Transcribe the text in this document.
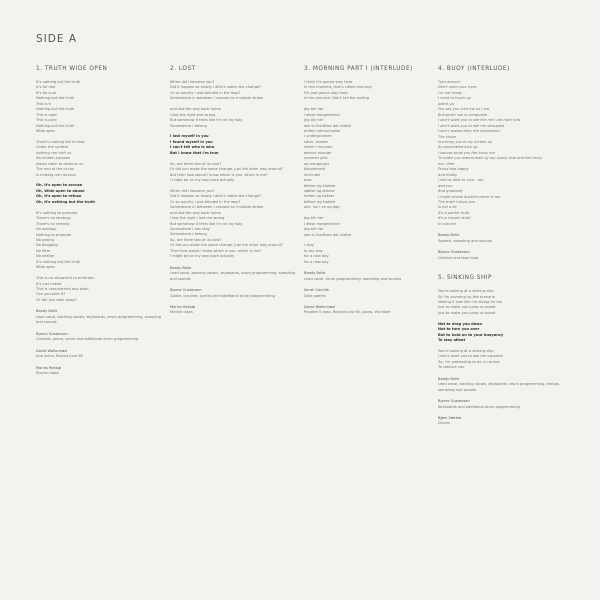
SIDE A
1. TRUTH WIDE OPEN
It's nothing but the truth
It's for real
It's for sure
Nothing but the truth
This is it
Nothing but the truth
This is open
This is pure
Nothing but the truth
Wide open
There's nothing left to hide
Under the surface
nothing can hurt us
No hidden purpose
would claim to deserve us
The end of the circus
is making me nervous
Oh, it's open to accuse
Oh, Wide open to abuse
Oh, it's open to refuse
Oh, it's nothing but the truth
It's nothing to promote
There's no strategy
There's no remedy
No apology
Nothing to promote
No posing
No blogging
No filter
No shelter
It's nothing but the truth
Wide open
This is no shipwreck to entertain
It's just naked
This is unscratched and plain
Can you take it?
Or will you walk away?
Beady Belle
Lead vocal, backing vocals, keyboards, drum programming, sampling and sounds
Bjarne Gustavsen
Clavinet, piano, synth and additional drum programming
David Wallumrød
Ana Solus, Roland Juno 60
Marius Reksjø
Electric bass
2. LOST
When did I become you?
Did it happen so slowly I didn't notice the change?
Or so quickly I was blinded in the leap?
Somewhere in between I crossed an invisible streak
and lost the way back home
I lost the right and wrong
But somehow it feels like I'm on my way
Somewhere I belong
I lost myself in you
I found myself in you
I can't tell who is who
But I know that I'm true
So, are there two of us now?
Or did you make the same change, just the other way around?
But then how would I know which is you, which is me?
I might be on my way back actually
When did I become you?
Did it happen so slowly I didn't notice the change?
Or so quickly I was blinded in the leap?
Somewhere in between I crossed an invisible streak
and lost the way back home
I lost the right I lost the wrong
But somehow it feels like I'm on my way
Somewhere I can stay
Somewhere I belong
So, are there two of us now?
Or did you make the same change, just the other way around?
Then how would I know which is you, which is me?
I might be on my way back actually
Beady Belle
Lead vocal, backing vocals, keyboards, drum programming, sampling and sounds
Bjarne Gustavsen
Guitar, clavinet, synths and additional drum programming
Marius Reksjø
Electric bass
3. MORNING PART I (INTERLUDE)
I think I'm gonna stay here
in this moment, that's called morning
I'm just gonna stay here
in the promise. Don't tell the ending
Jeg blir her
i disse morgentimer
jeg blir her
ake is livsrådes det slutter
duften nemne boller
i undergrunnen
sitter, skrider
nemn i munnen
demne stunder
nommer grid
og morgengry
tilbulemmel
inner øst
over
blikker og klokker
sjøtter og skikker
helten og hakker
blikker og klokker
alle, inn i en og dag
Jeg blir her
i disse morgentimer
jeg blir her
ake is livsrådes det slutter
I stay
to my way
for a new day
for a new day
Beady Belle
Lead vocal, drum programming, sampling and sounds
Sarah Camille
Dark poems
David Wallumrød
Prophet 5 bass, Roland Juno 60, piano, Wurlitzer
4. BUOY (INTERLUDE)
Turn around
Don't open your eyes
I'm not ready
I need to touch up
patch up
You say you love me as I am
But what I am is composite
I don't want you to see the me I am right now
I don't want you to see me damaged
I don't wanna dirty the impression
The vision
Involving you in my screen up
An associated fuck up
I wanna show you the lucky me
To make you wanna walk by my sunny side and feel lucky
too...free
Proud and happy
And finally
I will be able to love - me
and you
And gradually
I might reveal another piece of me
The truth I show you
is not a lie
it's a partial truth
it's a chosen truth
to survive
Beady Belle
Speech, sampling and sounds
Bjarne Gustavsen
Clarinet and tape loop
5. SINKING SHIP
You're looking at a sinking ship
So I'm covering up the scenario
Making it look like I'm diving for fun
Just to make you jump on board
Just to make you jump on board
Not to drag you down
Not to turn you over
But to hold on to your buoyancy
To stay afloat
You're looking at a sinking ship
I don't want you to see me capsized
So, I'm pretending to be in control
To capture you
Beady Belle
Lead vocal, backing vocals, keyboards, drum programming, strings, sampling and sounds
Bjarne Gustavsen
Keyboards and additional drum programming
Bjørn Sæther
Drums
